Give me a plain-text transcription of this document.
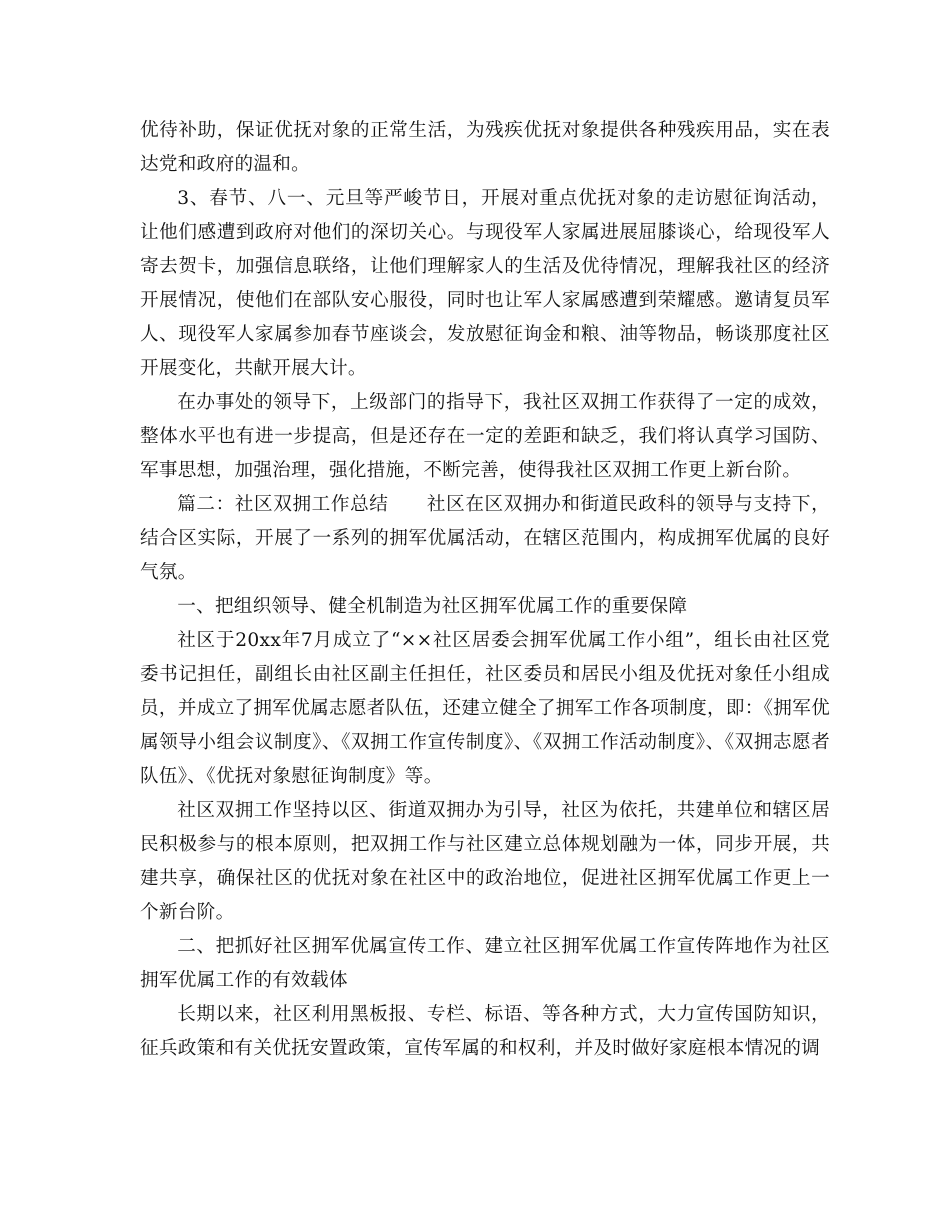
优待补助，保证优抚对象的正常生活，为残疾优抚对象提供各种残疾用品，实在表达党和政府的温和。

3、春节、八一、元旦等严峻节日，开展对重点优抚对象的走访慰征询活动，让他们感遭到政府对他们的深切关心。与现役军人家属进展屈膝谈心，给现役军人寄去贺卡，加强信息联络，让他们理解家人的生活及优待情况，理解我社区的经济开展情况，使他们在部队安心服役，同时也让军人家属感遭到荣耀感。邀请复员军人、现役军人家属参加春节座谈会，发放慰征询金和粮、油等物品，畅谈那度社区开展变化，共献开展大计。

在办事处的领导下，上级部门的指导下，我社区双拥工作获得了一定的成效，整体水平也有进一步提高，但是还存在一定的差距和缺乏，我们将认真学习国防、军事思想，加强治理，强化措施，不断完善，使得我社区双拥工作更上新台阶。

篇二：社区双拥工作总结　　社区在区双拥办和街道民政科的领导与支持下，结合区实际，开展了一系列的拥军优属活动，在辖区范围内，构成拥军优属的良好气氛。

一、把组织领导、健全机制造为社区拥军优属工作的重要保障

社区于20xx年7月成立了“××社区居委会拥军优属工作小组”，组长由社区党委书记担任，副组长由社区副主任担任，社区委员和居民小组及优抚对象任小组成员，并成立了拥军优属志愿者队伍，还建立健全了拥军工作各项制度，即：《拥军优属领导小组会议制度》、《双拥工作宣传制度》、《双拥工作活动制度》、《双拥志愿者队伍》、《优抚对象慰征询制度》等。

社区双拥工作坚持以区、街道双拥办为引导，社区为依托，共建单位和辖区居民积极参与的根本原则，把双拥工作与社区建立总体规划融为一体，同步开展，共建共享，确保社区的优抚对象在社区中的政治地位，促进社区拥军优属工作更上一个新台阶。

二、把抓好社区拥军优属宣传工作、建立社区拥军优属工作宣传阵地作为社区拥军优属工作的有效载体

长期以来，社区利用黑板报、专栏、标语、等各种方式，大力宣传国防知识，征兵政策和有关优抚安置政策，宣传军属的和权利，并及时做好家庭根本情况的调
